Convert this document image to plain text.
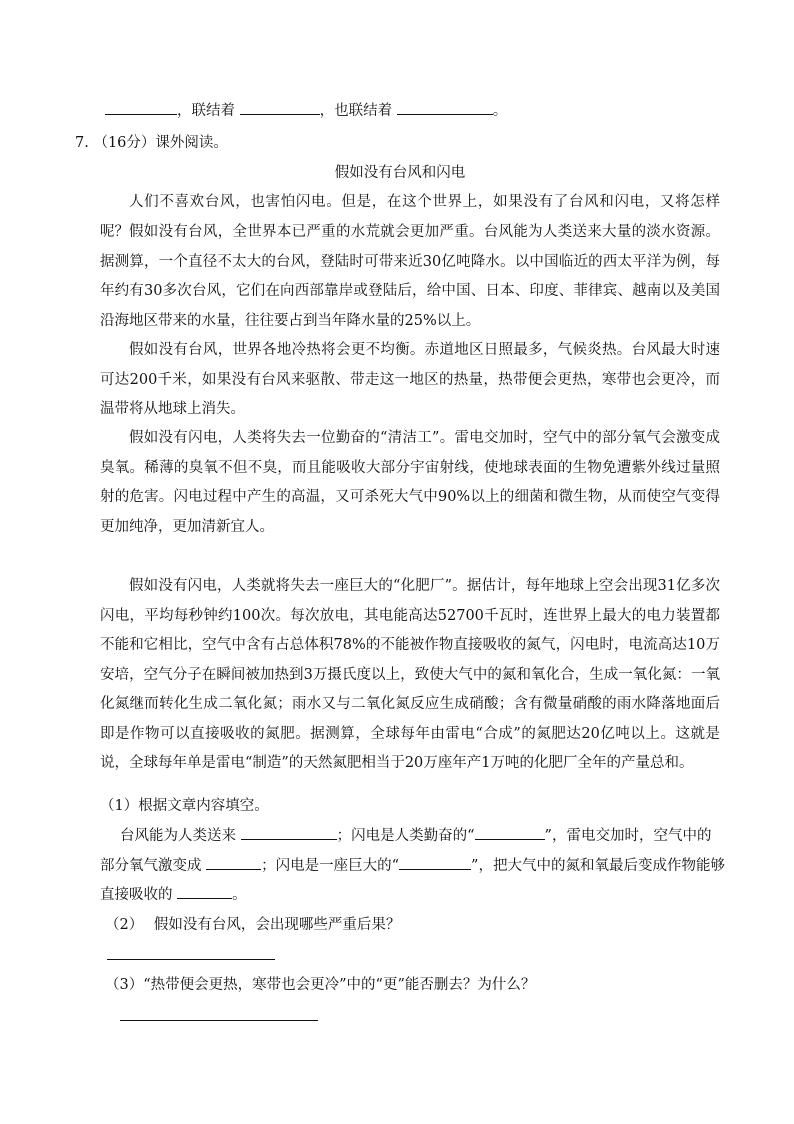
，联结着	，也联结着	。
7. （16分）课外阅读。
假如没有台风和闪电

人们不喜欢台风，也害怕闪电。但是，在这个世界上，如果没有了台风和闪电，又将怎样呢？ 假如没有台风，全世界本已严重的水荒就会更加严重。台风能为人类送来大量的淡水资源。据测算，一个直径不太大的台风，登陆时可带来近30亿吨降水。以中国临近的西太平洋为例，每年约有30多次台风，它们在向西部靠岸或登陆后，给中国、日本、印度、菲律宾、越南以及美国沿海地区带来的水量，往往要占到当年降水量的25%以上。

假如没有台风，世界各地冷热将会更不均衡。赤道地区日照最多，气候炎热。台风最大时速可达200千米，如果没有台风来驱散、带走这一地区的热量，热带便会更热，寒带也会更冷，而温带将从地球上消失。

假如没有闪电，人类将失去一位勤奋的“清洁工”。雷电交加时，空气中的部分氧气会激变成臭氧。稀薄的臭氧不但不臭，而且能吸收大部分宇宙射线，使地球表面的生物免遭紫外线过量照射的危害。闪电过程中产生的高温，又可杀死大气中90%以上的细菌和微生物，从而使空气变得更加纯净，更加清新宜人。

假如没有闪电，人类就将失去一座巨大的“化肥厂”。据估计，每年地球上空会出现31亿多次闪电，平均每秒钟约100次。每次放电，其电能高达52700千瓦时，连世界上最大的电力装置都不能和它相比，空气中含有占总体积78%的不能被作物直接吸收的氮气，闪电时，电流高达10万安培，空气分子在瞬间被加热到3万摄氏度以上，致使大气中的氮和氧化合，生成一氧化氮：一氧化氮继而转化生成二氧化氮；雨水又与二氧化氮反应生成硝酸；含有微量硝酸的雨水降落地面后即是作物可以直接吸收的氮肥。据测算，全球每年由雷电“合成”的氮肥达20亿吨以上。这就是说，全球每年单是雷电“制造”的天然氮肥相当于20万座年产1万吨的化肥厂全年的产量总和。

（1）根据文章内容填空。
台风能为人类送来	；闪电是人类勤奋的“	”，雷电交加时，空气中的
部分氧气激变成	；闪电是一座巨大的“	”，把大气中的氮和氧最后变成作物能够
直接吸收的	。
（2） 假如没有台风，会出现哪些严重后果？
（3）“热带便会更热，寒带也会更冷”中的“更”能否删去？为什么？
